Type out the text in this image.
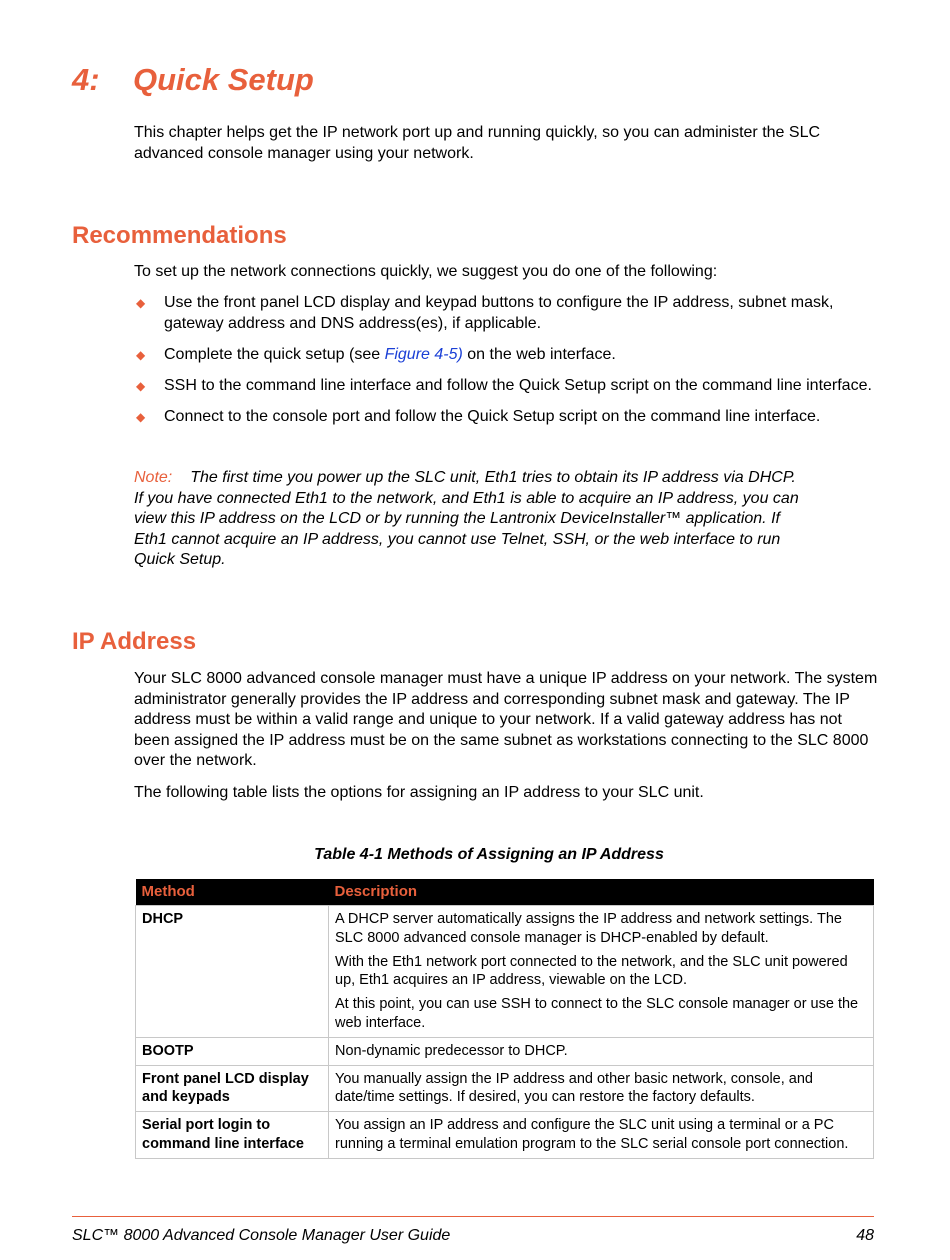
4: Quick Setup

This chapter helps get the IP network port up and running quickly, so you can administer the SLC advanced console manager using your network.

Recommendations

To set up the network connections quickly, we suggest you do one of the following:

◆ Use the front panel LCD display and keypad buttons to configure the IP address, subnet mask, gateway address and DNS address(es), if applicable.
◆ Complete the quick setup (see Figure 4-5) on the web interface.
◆ SSH to the command line interface and follow the Quick Setup script on the command line interface.
◆ Connect to the console port and follow the Quick Setup script on the command line interface.

Note: The first time you power up the SLC unit, Eth1 tries to obtain its IP address via DHCP. If you have connected Eth1 to the network, and Eth1 is able to acquire an IP address, you can view this IP address on the LCD or by running the Lantronix DeviceInstaller™ application. If Eth1 cannot acquire an IP address, you cannot use Telnet, SSH, or the web interface to run Quick Setup.

IP Address

Your SLC 8000 advanced console manager must have a unique IP address on your network. The system administrator generally provides the IP address and corresponding subnet mask and gateway. The IP address must be within a valid range and unique to your network. If a valid gateway address has not been assigned the IP address must be on the same subnet as workstations connecting to the SLC 8000 over the network.

The following table lists the options for assigning an IP address to your SLC unit.

Table 4-1 Methods of Assigning an IP Address
Method	Description
DHCP	A DHCP server automatically assigns the IP address and network settings. The SLC 8000 advanced console manager is DHCP-enabled by default.

With the Eth1 network port connected to the network, and the SLC unit powered up, Eth1 acquires an IP address, viewable on the LCD.

At this point, you can use SSH to connect to the SLC console manager or use the web interface.

BOOTP	Non-dynamic predecessor to DHCP.

Front panel LCD display and keypads	You manually assign the IP address and other basic network, console, and date/time settings. If desired, you can restore the factory defaults.

Serial port login to command line interface	You assign an IP address and configure the SLC unit using a terminal or a PC running a terminal emulation program to the SLC serial console port connection.

SLC™ 8000 Advanced Console Manager User Guide	48
